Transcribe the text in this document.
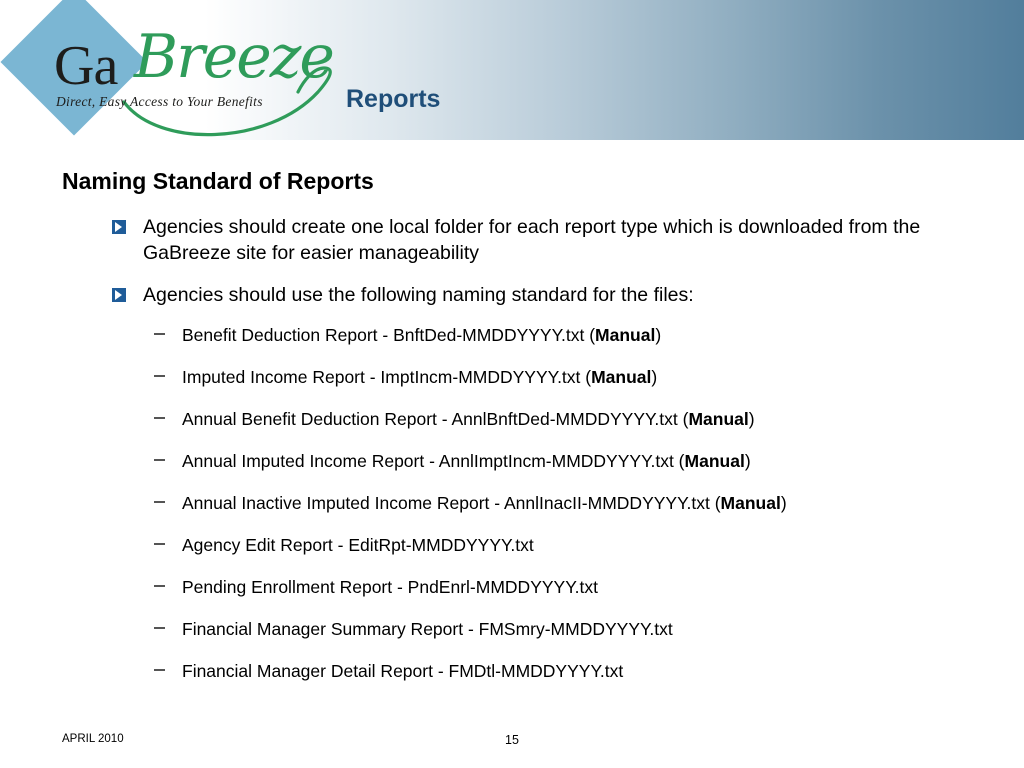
Ga Breeze
Direct, Easy Access to Your Benefits	Reports
Naming Standard of Reports
Agencies should create one local folder for each report type which is downloaded from the GaBreeze site for easier manageability
Agencies should use the following naming standard for the files:
Benefit Deduction Report - BnftDed-MMDDYYYY.txt (Manual)
Imputed Income Report - ImptIncm-MMDDYYYY.txt (Manual)
Annual Benefit Deduction Report - AnnlBnftDed-MMDDYYYY.txt (Manual)
Annual Imputed Income Report - AnnlImptIncm-MMDDYYYY.txt (Manual)
Annual Inactive Imputed Income Report - AnnlInacII-MMDDYYYY.txt (Manual)
Agency Edit Report - EditRpt-MMDDYYYY.txt
Pending Enrollment Report - PndEnrl-MMDDYYYY.txt
Financial Manager Summary Report - FMSmry-MMDDYYYY.txt
Financial Manager Detail Report - FMDtl-MMDDYYYY.txt
APRIL 2010	15
